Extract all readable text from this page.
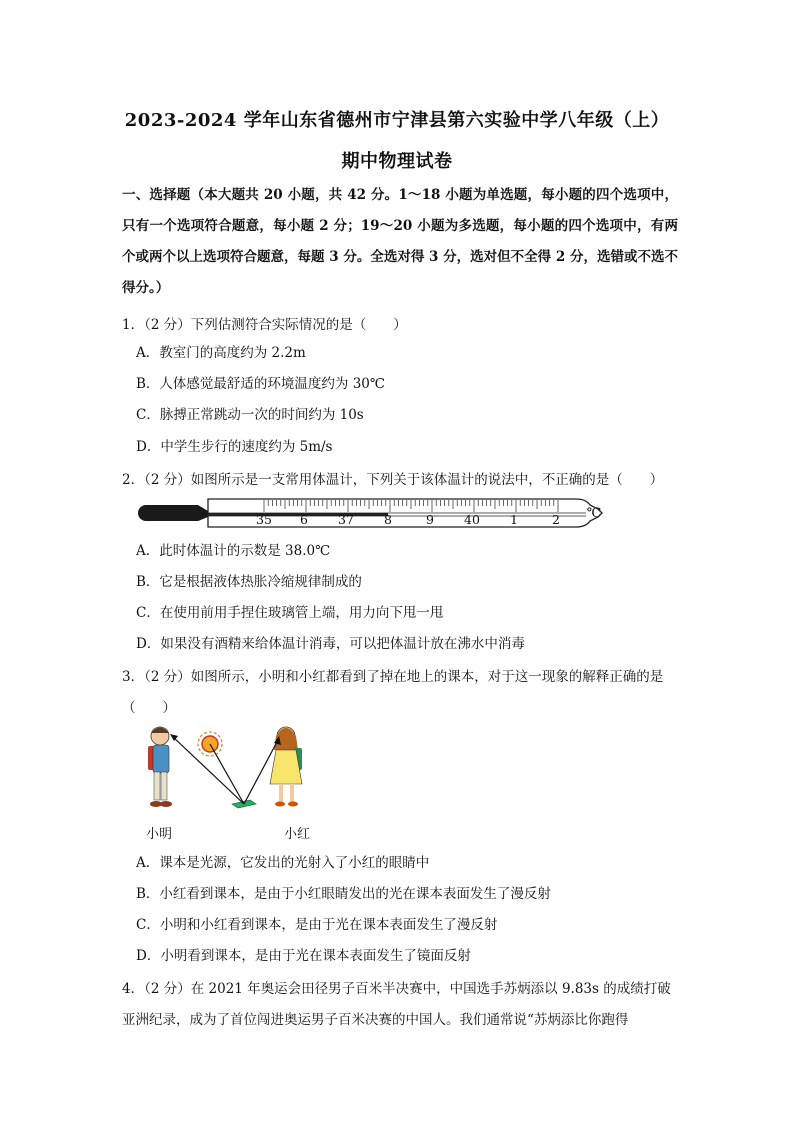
2023-2024 学年山东省德州市宁津县第六实验中学八年级（上）
期中物理试卷
一、选择题（本大题共 20 小题，共 42 分。1～18 小题为单选题，每小题的四个选项中，只有一个选项符合题意，每小题 2 分；19～20 小题为多选题，每小题的四个选项中，有两个或两个以上选项符合题意，每题 3 分。全选对得 3 分，选对但不全得 2 分，选错或不选不得分。）
1．（2 分）下列估测符合实际情况的是（　　）
A．教室门的高度约为 2.2m
B．人体感觉最舒适的环境温度约为 30℃
C．脉搏正常跳动一次的时间约为 10s
D．中学生步行的速度约为 5m/s
2．（2 分）如图所示是一支常用体温计，下列关于该体温计的说法中，不正确的是（　　）
35 6 37 8	9 40 1	2 ℃
A．此时体温计的示数是 38.0℃
B．它是根据液体热胀冷缩规律制成的
C．在使用前用手捏住玻璃管上端，用力向下甩一甩
D．如果没有酒精来给体温计消毒，可以把体温计放在沸水中消毒
3．（2 分）如图所示，小明和小红都看到了掉在地上的课本，对于这一现象的解释正确的是（　　）
小明	小红
A．课本是光源，它发出的光射入了小红的眼睛中
B．小红看到课本，是由于小红眼睛发出的光在课本表面发生了漫反射
C．小明和小红看到课本，是由于光在课本表面发生了漫反射
D．小明看到课本，是由于光在课本表面发生了镜面反射
4．（2 分）在 2021 年奥运会田径男子百米半决赛中，中国选手苏炳添以 9.83s 的成绩打破亚洲纪录，成为了首位闯进奥运男子百米决赛的中国人。我们通常说“苏炳添比你跑得
